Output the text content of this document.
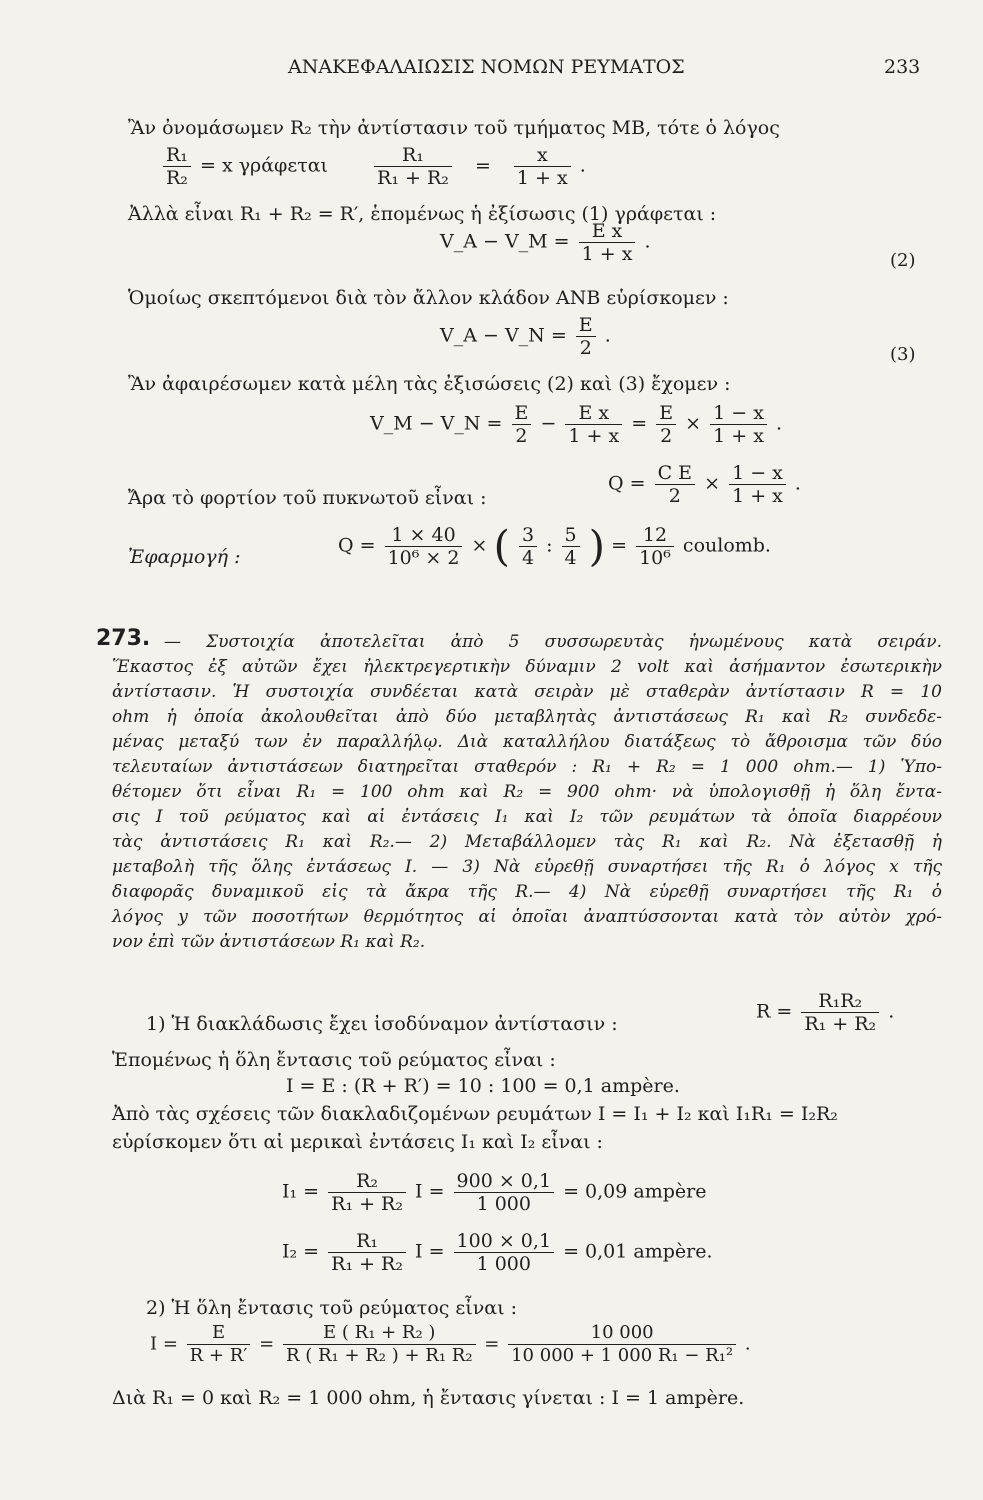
ΑΝΑΚΕΦΑΛΑΙΩΣΙΣ ΝΟΜΩΝ ΡΕΥΜΑΤΟΣ	233
Ἂν ὀνομάσωμεν R₂ τὴν ἀντίστασιν τοῦ τμήματος ΜΒ, τότε ὁ λόγος
$\frac{\text{R₁}}{\text{R₂}} = x$ γράφεται $\frac{\text{R₁}}{\text{R₁ + R₂}} = \frac{x}{1 + x}$ .
Ἀλλὰ εἶναι R₁ + R₂ = R′, ἑπομένως ἡ ἐξίσωσις (1) γράφεται :
V_A − V_M = $\frac{\text{E x}}{1 + x}$ .
(2)
Ὁμοίως σκεπτόμενοι διὰ τὸν ἄλλον κλάδον ΑΝΒ εὑρίσκομεν :
V_A − V_N = $\frac{E}{2}$ .
(3)
Ἂν ἀφαιρέσωμεν κατὰ μέλη τὰς ἐξισώσεις (2) καὶ (3) ἔχομεν :
V_M − V_N = $\frac{E}{2} - \frac{\text{E x}}{1 + x} = \frac{E}{2} \times \frac{1 - x}{1 + x}$ .
Ἄρα τὸ φορτίον τοῦ πυκνωτοῦ εἶναι :
$Q = \frac{\text{C E}}{2} \times \frac{1 - x}{1 + x}$ .
Ἐφαρμογή :
$Q = \frac{1 \times 40}{\text{10⁶ × 2}}$ × ( $\frac{3}{4}$ : $\frac{5}{4}$ ) = $\frac{12}{\text{10⁶}}$ coulomb.
273. — Συστοιχία ἀποτελεῖται ἀπὸ 5 συσσωρευτὰς ἡνωμένους κατὰ σειράν.
Ἕκαστος ἐξ αὐτῶν ἔχει ἠλεκτρεγερτικὴν δύναμιν 2 volt καὶ ἀσήμαντον ἐσωτερικὴν
ἀντίστασιν. Ἡ συστοιχία συνδέεται κατὰ σειρὰν μὲ σταθερὰν ἀντίστασιν R = 10
ohm ἡ ὁποία ἀκολουθεῖται ἀπὸ δύο μεταβλητὰς ἀντιστάσεως R₁ καὶ R₂ συνδεδε-
μένας μεταξύ των ἐν παραλλήλῳ. Διὰ καταλλήλου διατάξεως τὸ ἄθροισμα τῶν δύο
τελευταίων ἀντιστάσεων διατηρεῖται σταθερόν : R₁ + R₂ = 1 000 ohm.— 1) Ὑπο-
θέτομεν ὅτι εἶναι R₁ = 100 ohm καὶ R₂ = 900 ohm· νὰ ὑπολογισθῇ ἡ ὅλη ἔντα-
σις I τοῦ ρεύματος καὶ αἱ ἐντάσεις I₁ καὶ I₂ τῶν ρευμάτων τὰ ὁποῖα διαρρέουν
τὰς ἀντιστάσεις R₁ καὶ R₂.— 2) Μεταβάλλομεν τὰς R₁ καὶ R₂. Νὰ ἐξετασθῇ ἡ
μεταβολὴ τῆς ὅλης ἐντάσεως I. — 3) Νὰ εὑρεθῇ συναρτήσει τῆς R₁ ὁ λόγος x τῆς
διαφορᾶς δυναμικοῦ εἰς τὰ ἄκρα τῆς R.— 4) Νὰ εὑρεθῇ συναρτήσει τῆς R₁ ὁ
λόγος y τῶν ποσοτήτων θερμότητος αἱ ὁποῖαι ἀναπτύσσονται κατὰ τὸν αὐτὸν χρό-
νον ἐπὶ τῶν ἀντιστάσεων R₁ καὶ R₂.
1) Ἡ διακλάδωσις ἔχει ἰσοδύναμον ἀντίστασιν :
$R = \frac{\text{R₁R₂}}{\text{R₁ + R₂}}$ .
Ἑπομένως ἡ ὅλη ἔντασις τοῦ ρεύματος εἶναι :
I = E : (R + R′) = 10 : 100 = 0,1 ampère.
Ἀπὸ τὰς σχέσεις τῶν διακλαδιζομένων ρευμάτων I = I₁ + I₂ καὶ I₁R₁ = I₂R₂
εὑρίσκομεν ὅτι αἱ μερικαὶ ἐντάσεις I₁ καὶ I₂ εἶναι :
$I_1 = \frac{\text{R₂}}{\text{R₁ + R₂}}$ $I = \frac{900 \times 0,1}{1 000} = 0,09$ ampère
$I_2 = \frac{\text{R₁}}{\text{R₁ + R₂}}$ $I = \frac{100 \times 0,1}{1 000} = 0,01$ ampère.
2) Ἡ ὅλη ἔντασις τοῦ ρεύματος εἶναι :
$I = \frac{E}{R + R'} = \frac{\text{E ( R₁ + R₂ )}}{\text{R ( R₁ + R₂ ) + R₁ R₂}} = \frac{10 000}{\text{10 000 + 1 000 R₁ − R₁²}}$ .
Διὰ R₁ = 0 καὶ R₂ = 1 000 ohm, ἡ ἔντασις γίνεται : I = 1 ampère.
